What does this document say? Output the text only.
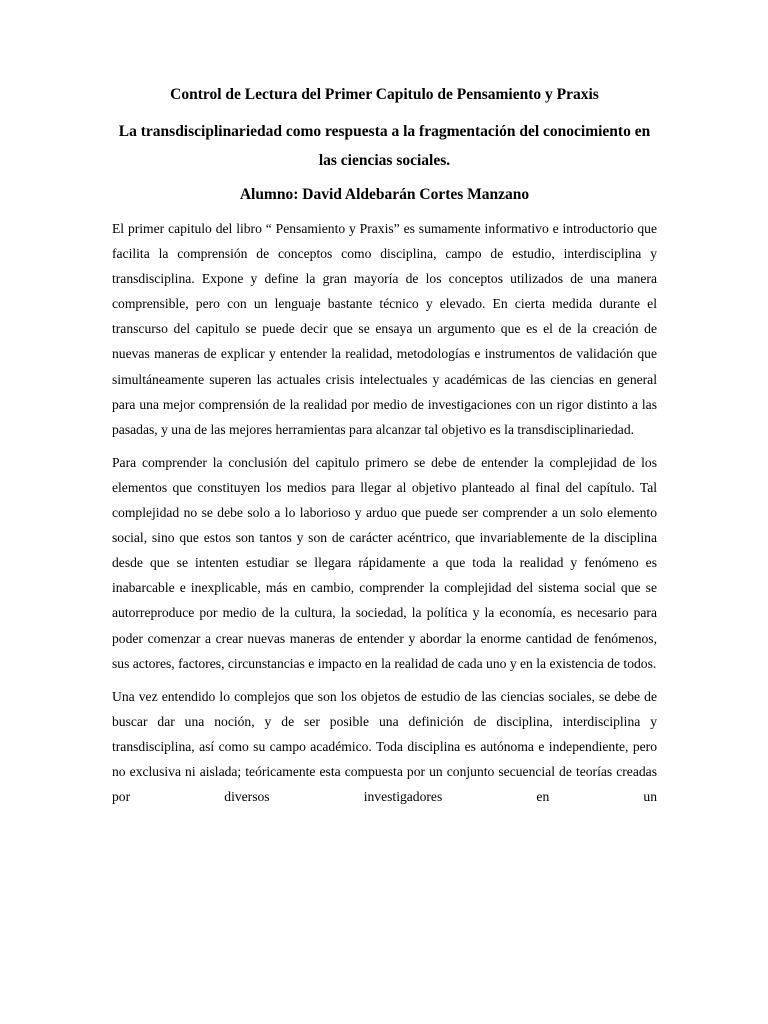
Control de Lectura del Primer Capitulo de Pensamiento y Praxis
La transdisciplinariedad como respuesta a la fragmentación del conocimiento en las ciencias sociales.
Alumno: David Aldebarán Cortes Manzano

El primer capitulo del libro “ Pensamiento y Praxis” es sumamente informativo e introductorio que facilita la comprensión de conceptos como disciplina, campo de estudio, interdisciplina y transdisciplina. Expone y define la gran mayoría de los conceptos utilizados de una manera comprensible, pero con un lenguaje bastante técnico y elevado. En cierta medida durante el transcurso del capitulo se puede decir que se ensaya un argumento que es el de la creación de nuevas maneras de explicar y entender la realidad, metodologías e instrumentos de validación que simultáneamente superen las actuales crisis intelectuales y académicas de las ciencias en general para una mejor comprensión de la realidad por medio de investigaciones con un rigor distinto a las pasadas, y una de las mejores herramientas para alcanzar tal objetivo es la transdisciplinariedad.

Para comprender la conclusión del capitulo primero se debe de entender la complejidad de los elementos que constituyen los medios para llegar al objetivo planteado al final del capítulo. Tal complejidad no se debe solo a lo laborioso y arduo que puede ser comprender a un solo elemento social, sino que estos son tantos y son de carácter acéntrico, que invariablemente de la disciplina desde que se intenten estudiar se llegara rápidamente a que toda la realidad y fenómeno es inabarcable e inexplicable, más en cambio, comprender la complejidad del sistema social que se autorreproduce por medio de la cultura, la sociedad, la política y la economía, es necesario para poder comenzar a crear nuevas maneras de entender y abordar la enorme cantidad de fenómenos, sus actores, factores, circunstancias e impacto en la realidad de cada uno y en la existencia de todos.

Una vez entendido lo complejos que son los objetos de estudio de las ciencias sociales, se debe de buscar dar una noción, y de ser posible una definición de disciplina, interdisciplina y transdisciplina, así como su campo académico. Toda disciplina es autónoma e independiente, pero no exclusiva ni aislada; teóricamente esta compuesta por un conjunto secuencial de teorías creadas por diversos investigadores en un
